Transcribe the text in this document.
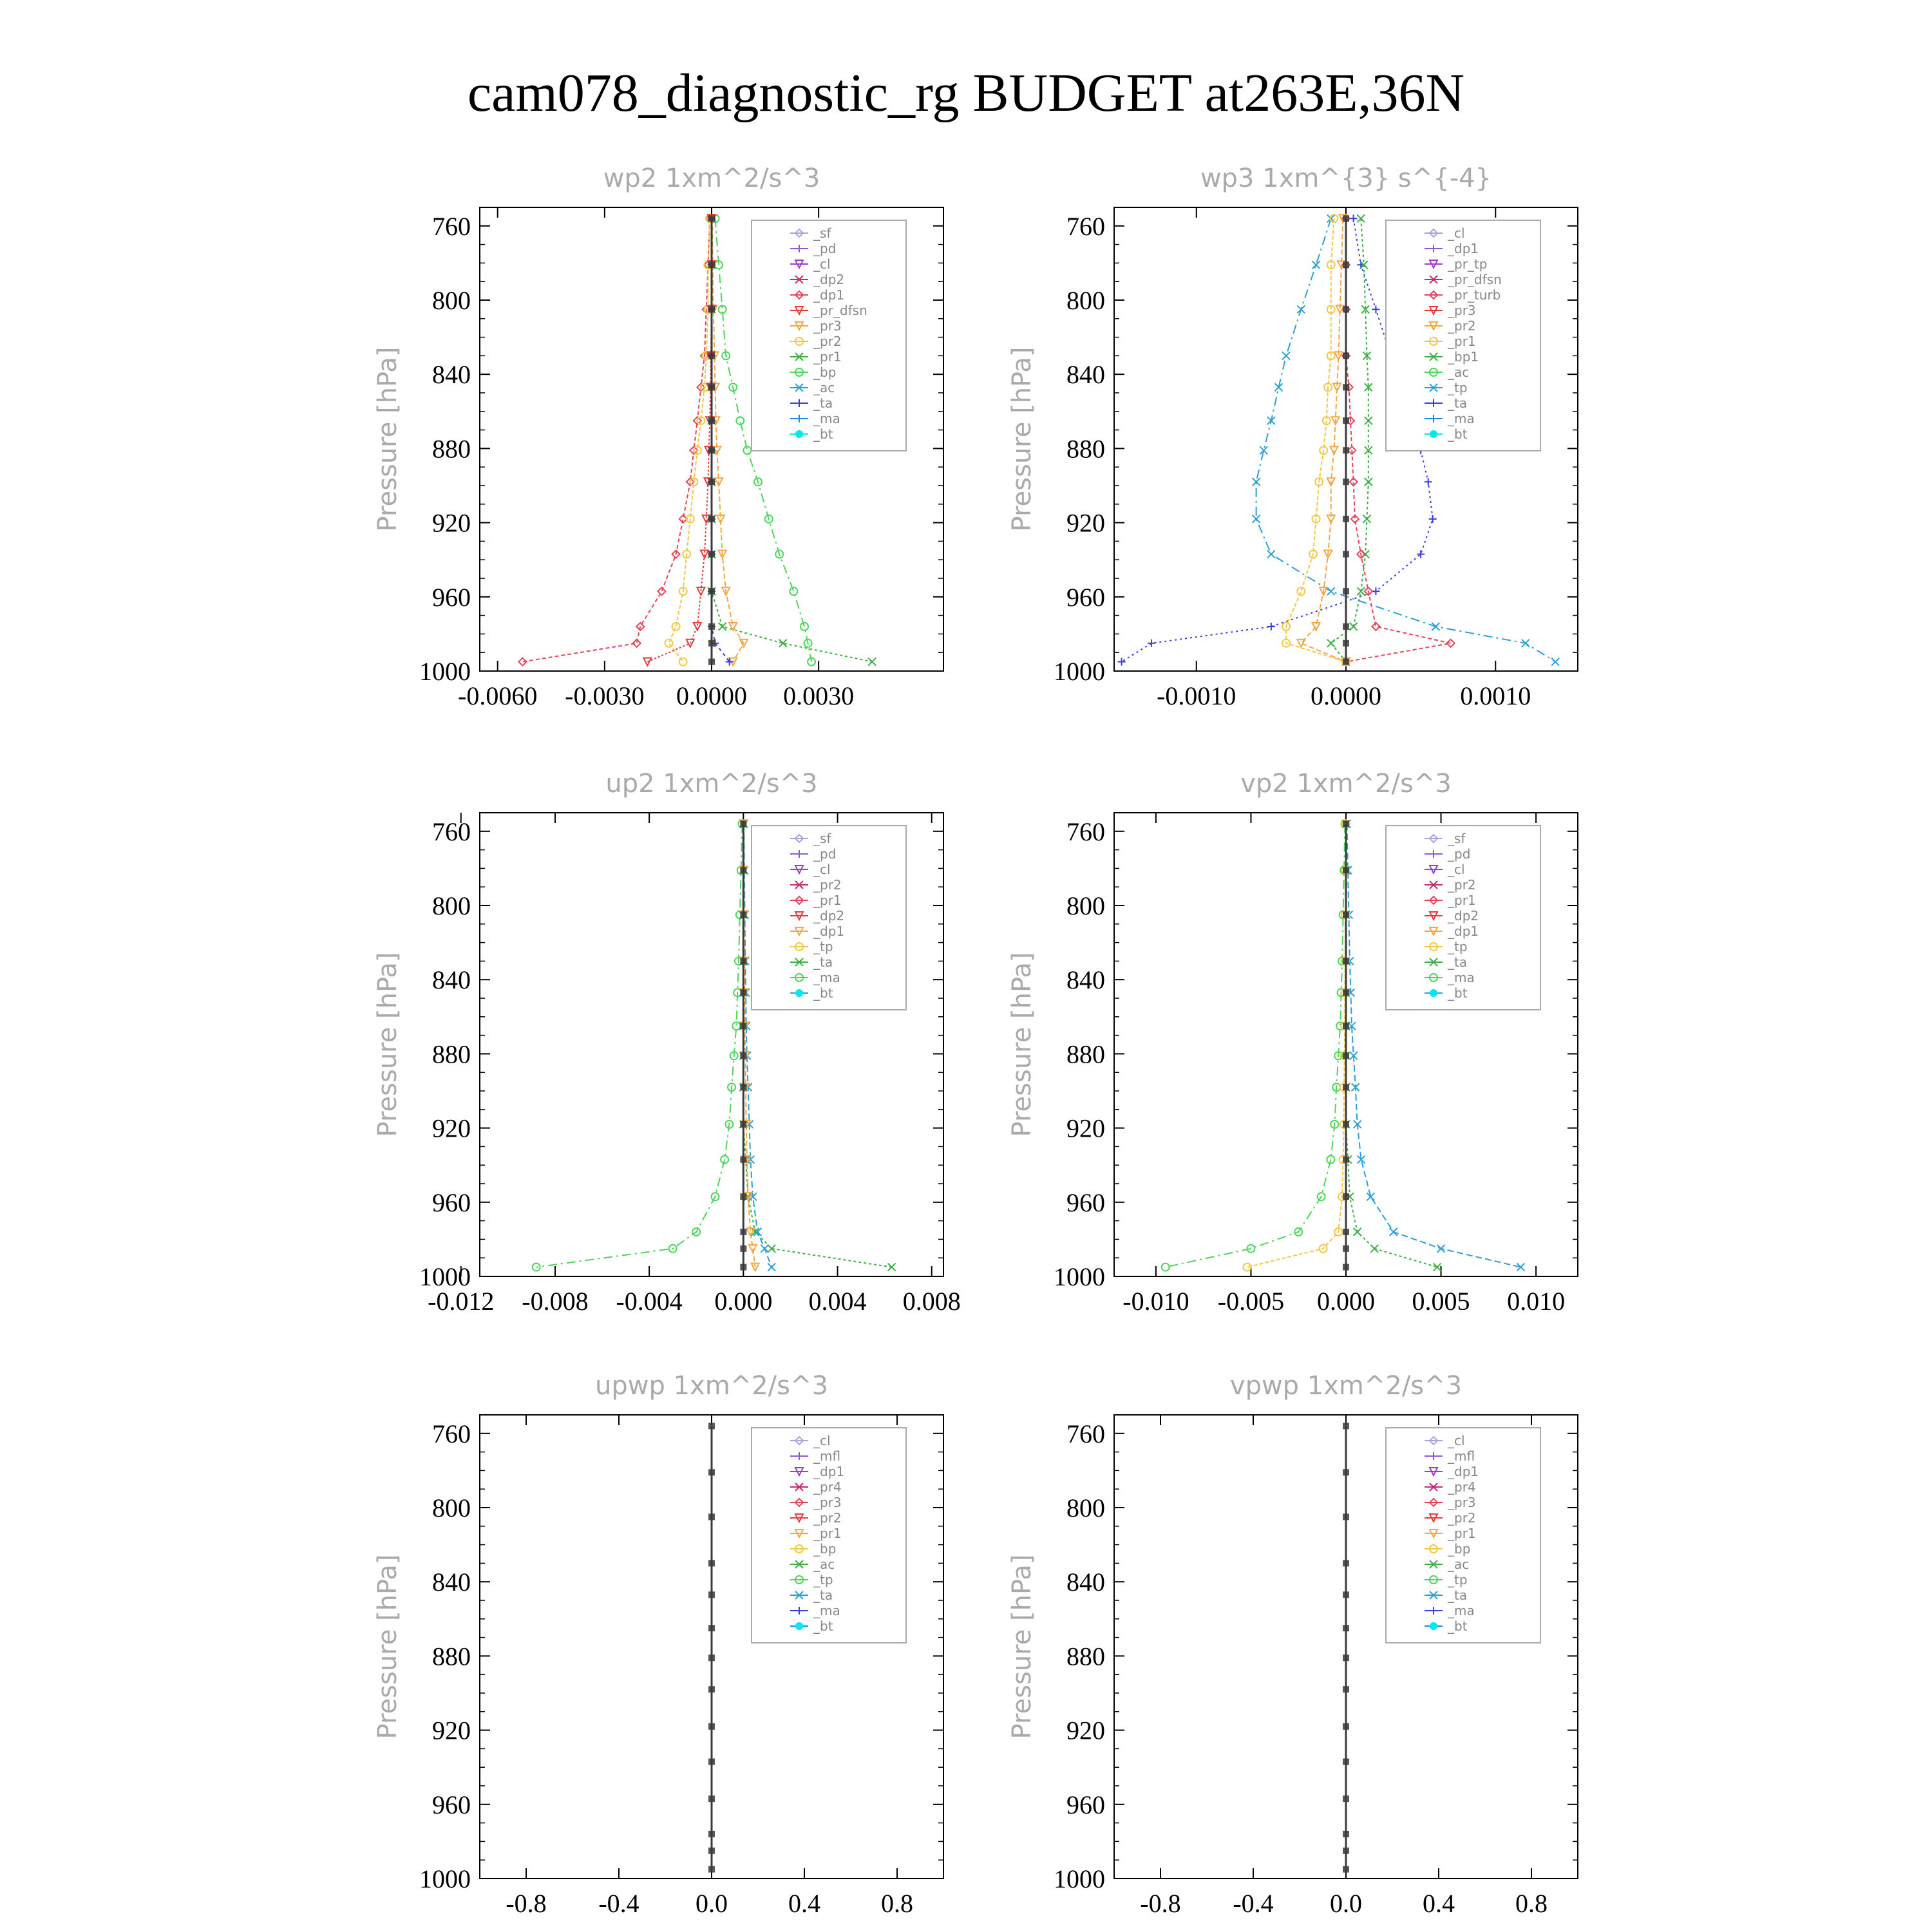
cam078_diagnostic_rg BUDGET at263E,36N
wp2 1xm^2/s^3
Pressure [hPa]
760
800
840
880
920
960
1000
-0.0060 -0.0030 0.0000 0.0030
_sf
_pd
_cl
_dp2
_dp1
_pr_dfsn
_pr3
_pr2
_pr1
_bp
_ac
_ta
_ma
_bt
wp3 1xm^{3} s^{-4}
Pressure [hPa]
760
800
840
880
920
960
1000
-0.0010	0.0000	0.0010
_cl
_dp1
_pr_tp
_pr_dfsn
_pr_turb
_pr3
_pr2
_pr1
_bp1
_ac
_tp
_ta
_ma
_bt
up2 1xm^2/s^3
Pressure [hPa]
760
800
840
880
920
960
1000
-0.012 -0.008 -0.004 0.000 0.004 0.008
_sf
_pd
_cl
_pr2
_pr1
_dp2
_dp1
_tp
_ta
_ma
_bt
vp2 1xm^2/s^3
Pressure [hPa]
760
800
840
880
920
960
1000
-0.010 -0.005 0.000 0.005 0.010
_sf
_pd
_cl
_pr2
_pr1
_dp2
_dp1
_tp
_ta
_ma
_bt
upwp 1xm^2/s^3
Pressure [hPa]
760
800
840
880
920
960
1000
-0.8 -0.4 0.0 0.4 0.8
_cl
_mfl
_dp1
_pr4
_pr3
_pr2
_pr1
_bp
_ac
_tp
_ta
_ma
_bt
vpwp 1xm^2/s^3
Pressure [hPa]
760
800
840
880
920
960
1000
-0.8 -0.4 0.0 0.4 0.8
_cl
_mfl
_dp1
_pr4
_pr3
_pr2
_pr1
_bp
_ac
_tp
_ta
_ma
_bt
